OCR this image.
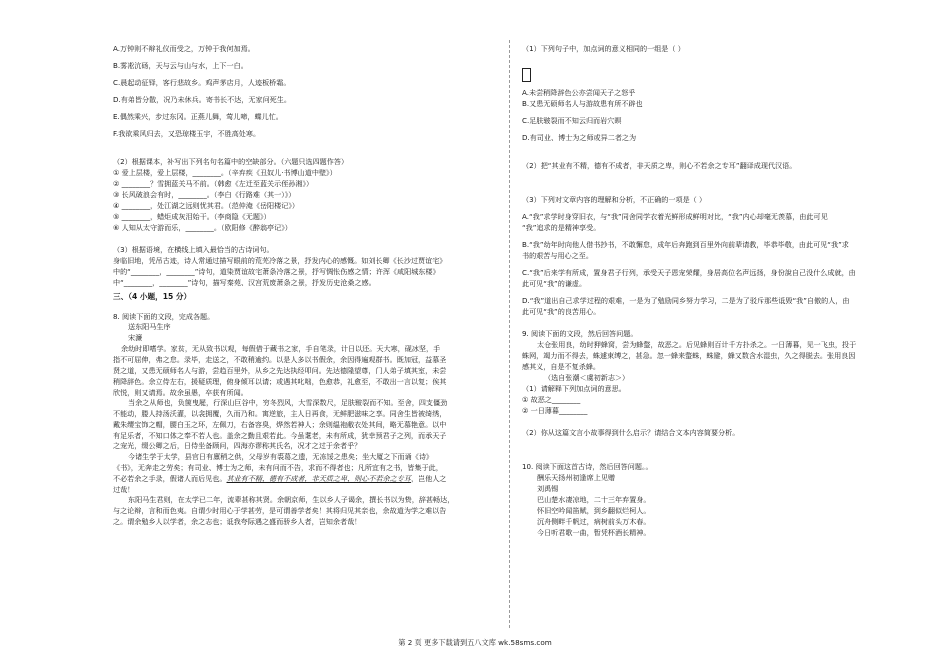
A.万钟则不辩礼仪而受之，万钟于我何加焉。
B.雾凇沆砀，天与云与山与水，上下一白。
C.晨起动征铎，客行悲故乡。鸡声茅店月，人迹板桥霜。
D.有弟皆分散，况乃未休兵。寄书长不达，无家问死生。
E.偶然乘兴，步过东冈。正燕儿舞，莺儿啼，蝶儿忙。
F.我欲乘风归去，又恐琼楼玉宇，不胜高处寒。
（2）根据课本，补写出下列名句名篇中的空缺部分。（六题只选四题作答）
① 爱上层楼，爱上层楼，________。（辛弃疾《丑奴儿·书博山道中壁》）
② ________？雪拥蓝关马不前。（韩愈《左迁至蓝关示侄孙湘》）
③ 长风破浪会有时，________。（李白《行路难（其一）》）
④ ________，处江湖之远则忧其君。（范仲淹《岳阳楼记》）
⑤ ________，蜡炬成灰泪始干。（李商隐《无题》）
⑥ 人知从太守游而乐，________。（欧阳修《醉翁亭记》）
（3）根据语境，在横线上填入最恰当的古诗词句。
身临旧地，凭吊古迹，诗人常通过描写眼前的荒芜冷落之景，抒发内心的感慨。如刘长卿《长沙过贾谊宅》
中的“________，________”诗句，道染贾谊故宅萧条冷落之景，抒写惆怅伤感之情；许浑《咸阳城东楼》
中“________，________”诗句，描写秦苑、汉宫荒废萧条之景，抒发历史沧桑之感。
三、（4 小题，15 分）
8. 阅读下面的文段，完成各题。
送东阳马生序
宋濂
余幼时即嗜学。家贫，无从致书以观，每假借于藏书之家，手自笔录，计日以还。天大寒，砚冰坚，手
指不可屈伸，弗之怠。录毕，走送之，不敢稍逾约。以是人多以书假余，余因得遍观群书。既加冠，益慕圣
贤之道，又患无硕师名人与游，尝趋百里外，从乡之先达执经叩问。先达德隆望尊，门人弟子填其室，未尝
稍降辞色。余立侍左右，援疑质理，俯身倾耳以请；或遇其叱咄，色愈恭，礼愈至，不敢出一言以复；俟其
欣悦，则又请焉。故余虽愚，卒获有所闻。
当余之从师也，负箧曳屣，行深山巨谷中，穷冬烈风，大雪深数尺，足肤皲裂而不知。至舍，四支僵劲
不能动，媵人持汤沃灌，以衾拥覆，久而乃和。寓逆旅，主人日再食，无鲜肥滋味之享。同舍生皆被绮绣，
戴朱缨宝饰之帽，腰白玉之环，左佩刀，右备容臭，烨然若神人；余则缊袍敝衣处其间，略无慕艳意。以中
有足乐者，不知口体之奉不若人也。盖余之勤且艰若此。今虽耄老，未有所成，犹幸预君子之列，而承天子
之宠光，缀公卿之后，日侍坐备顾问，四海亦谬称其氏名，况才之过于余者乎？
今诸生学于太学，县官日有廪稍之供，父母岁有裘葛之遗，无冻馁之患矣；坐大厦之下而诵《诗》
《书》，无奔走之劳矣；有司业、博士为之师，未有问而不告，求而不得者也；凡所宜有之书，皆集于此，
不必若余之手录，假诸人而后见也。其业有不精，德有不成者，非天质之卑，则心不若余之专耳，岂他人之
过哉！
东阳马生君则，在太学已二年，流辈甚称其贤。余朝京师，生以乡人子谒余，撰长书以为贽，辞甚畅达，
与之论辩，言和而色夷。自谓少时用心于学甚劳，是可谓善学者矣！其将归见其亲也，余故道为学之难以告
之。谓余勉乡人以学者，余之志也；诋我夸际遇之盛而骄乡人者，岂知余者哉！
（1）下列句子中，加点词的意义相同的一组是（ ）
A.未尝稍降辞色公亦尝闻天子之怒乎
B.又患无硕师名人与游故患有所不辟也
C.足肤皲裂而不知云归而岩穴暝
D.有司业、博士为之师或异二者之为
（2）把“其业有不精，德有不成者，非天质之卑，则心不若余之专耳”翻译成现代汉语。
（3）下列对文章内容的理解和分析，不正确的一项是（ ）
A.“我”求学时身穿旧衣，与“我”同舍同学衣着光鲜形成鲜明对比，“我”内心却毫无羡慕，由此可见
“我”追求的是精神享受。
B.“我”幼年时向他人借书抄书，不敢懈怠，成年后奔跑到百里外向前辈请教，毕恭毕敬，由此可见“我”求
书的艰苦与用心之至。
C.“我”后来学有所成，置身君子行列，承受天子恩宠荣耀，身居高位名声远扬，身份說自己没什么成就，由
此可见“我”的谦虚。
D.“我”道出自己求学过程的艰难，一是为了勉励同乡努力学习，二是为了驳斥那些诋毁“我”自傲的人，由
此可见“我”的良苦用心。
9. 阅读下面的文段，然后回答问题。
太仓张用良，幼时狎蜂窝，尝为蜂螫，故恶之。后见蜂则百计千方扑杀之。一日薄暮，见一飞虫，投于
蛛网，竭力而不得去，蛛遽束缚之，甚急。忽一蜂来螫蛛，蛛避，蜂又数含水湿虫，久之得脱去。张用良因
感其义，自是不复杀蜂。
（选自张潮＜虞初新志＞）
（1）请解释下列加点词的意思。
① 故恶之________
② 一日薄暮________
（2）你从这篇文言小故事得到什么启示？请结合文本内容简要分析。
10. 阅读下面这首古诗，然后回答问题。。
酬乐天扬州初逢席上见赠
刘禹锡
巴山楚水凄凉地，二十三年弃置身。
怀旧空吟闻笛赋，到乡翻似烂柯人。
沉舟侧畔千帆过，病树前头万木春。
今日听君歌一曲，暂凭杯酒长精神。
第 2 页 更多下载请到五八文库 wk.58sms.com
